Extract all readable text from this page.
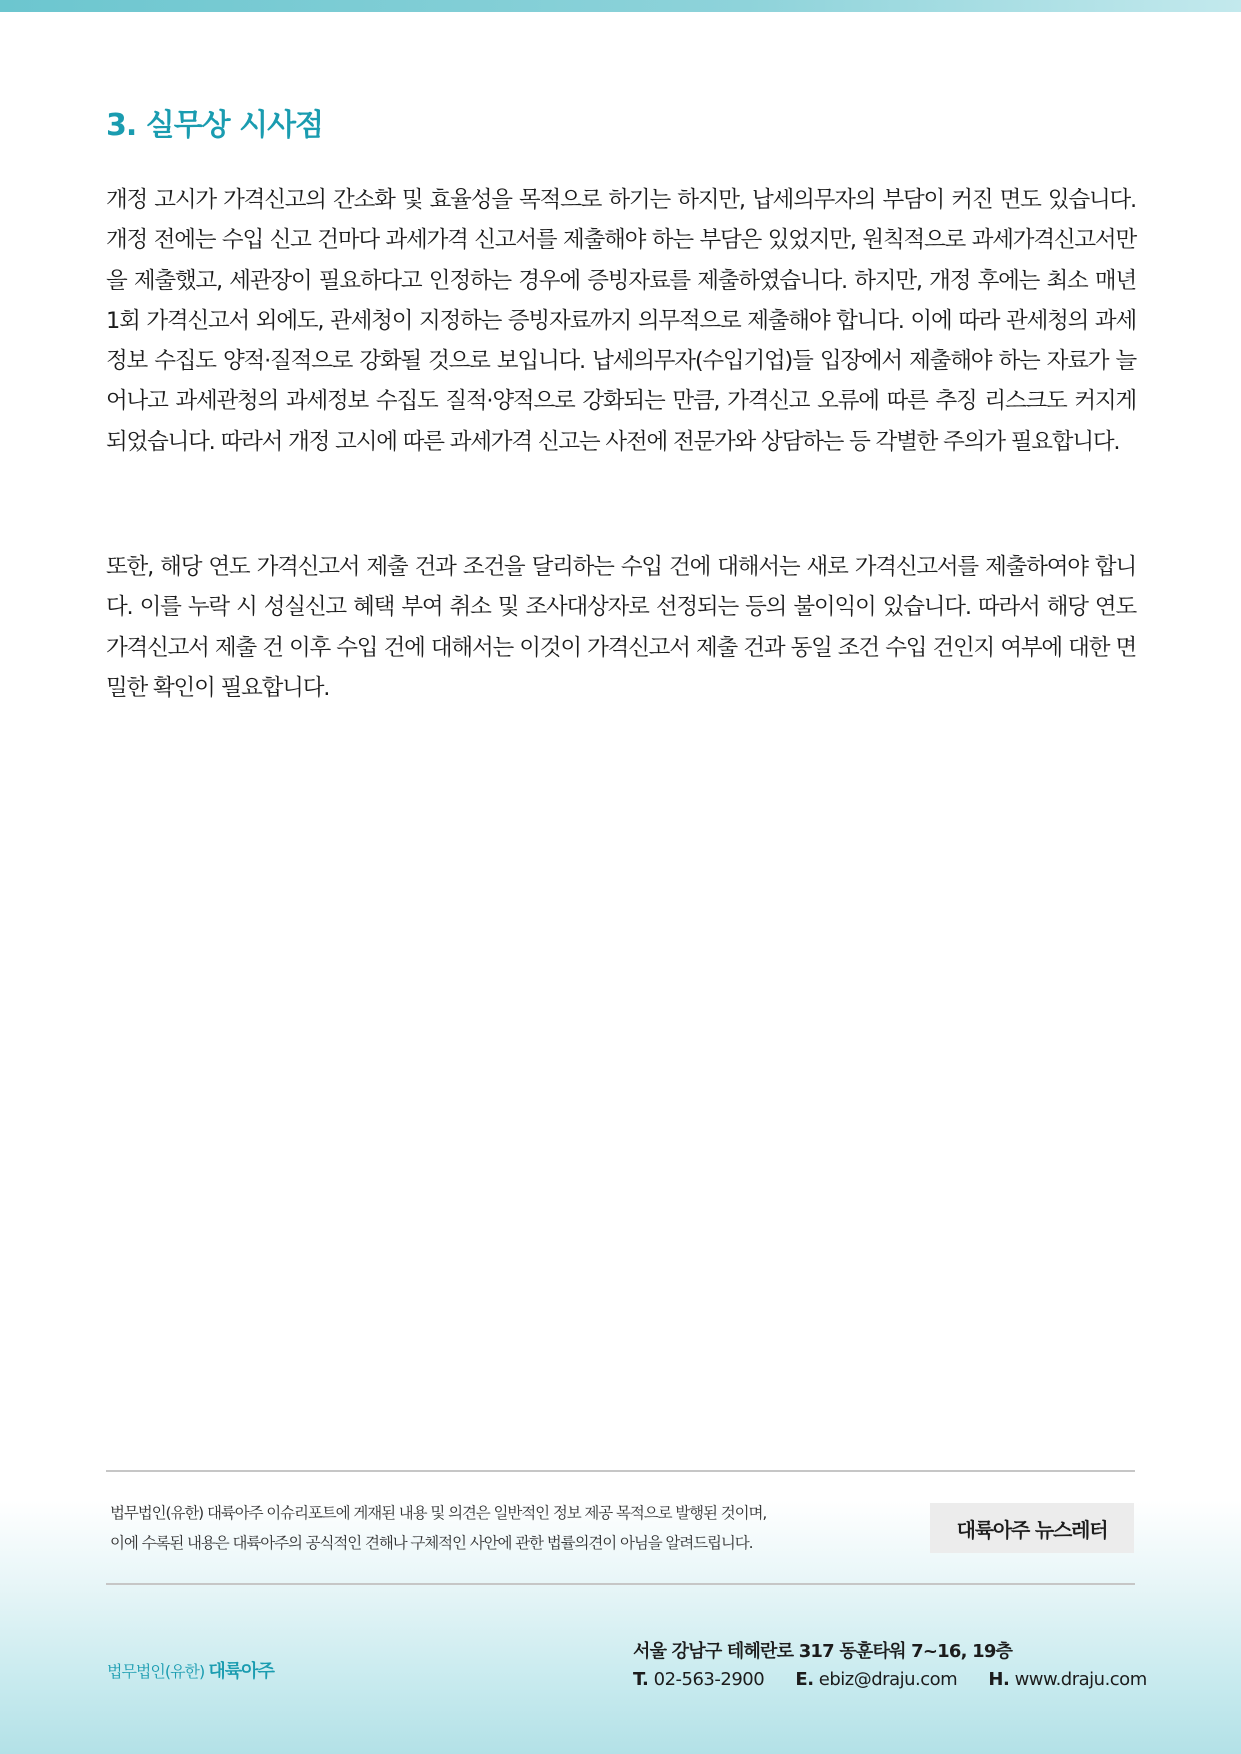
3. 실무상 시사점

개정 고시가 가격신고의 간소화 및 효율성을 목적으로 하기는 하지만, 납세의무자의 부담이 커진 면도 있습니다. 개정 전에는 수입 신고 건마다 과세가격 신고서를 제출해야 하는 부담은 있었지만, 원칙적으로 과세가격신고서만을 제출했고, 세관장이 필요하다고 인정하는 경우에 증빙자료를 제출하였습니다. 하지만, 개정 후에는 최소 매년 1회 가격신고서 외에도, 관세청이 지정하는 증빙자료까지 의무적으로 제출해야 합니다. 이에 따라 관세청의 과세정보 수집도 양적·질적으로 강화될 것으로 보입니다. 납세의무자(수입기업)들 입장에서 제출해야 하는 자료가 늘어나고 과세관청의 과세정보 수집도 질적·양적으로 강화되는 만큼, 가격신고 오류에 따른 추징 리스크도 커지게 되었습니다. 따라서 개정 고시에 따른 과세가격 신고는 사전에 전문가와 상담하는 등 각별한 주의가 필요합니다.

또한, 해당 연도 가격신고서 제출 건과 조건을 달리하는 수입 건에 대해서는 새로 가격신고서를 제출하여야 합니다. 이를 누락 시 성실신고 혜택 부여 취소 및 조사대상자로 선정되는 등의 불이익이 있습니다. 따라서 해당 연도 가격신고서 제출 건 이후 수입 건에 대해서는 이것이 가격신고서 제출 건과 동일 조건 수입 건인지 여부에 대한 면밀한 확인이 필요합니다.

법무법인(유한) 대륙아주 이슈리포트에 게재된 내용 및 의견은 일반적인 정보 제공 목적으로 발행된 것이며,
이에 수록된 내용은 대륙아주의 공식적인 견해나 구체적인 사안에 관한 법률의견이 아님을 알려드립니다.
대륙아주 뉴스레터
법무법인(유한) 대륙아주
서울 강남구 테헤란로 317 동훈타워 7~16, 19층
T. 02-563-2900 E. ebiz@draju.com H. www.draju.com
